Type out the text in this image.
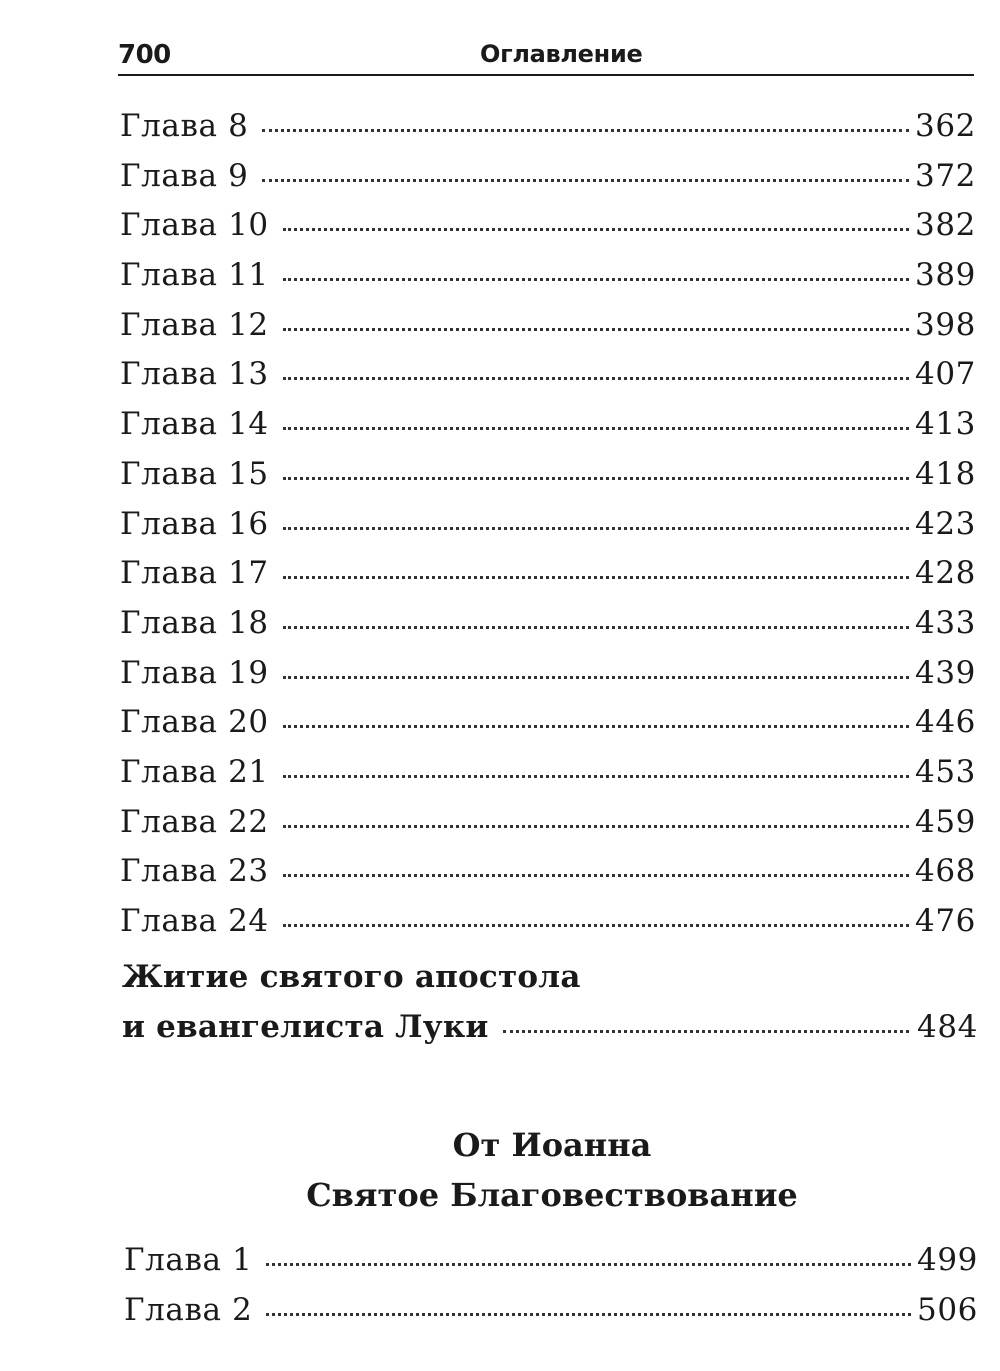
700	Оглавление
Глава 8	362
Глава 9	372
Глава 10	382
Глава 11	389
Глава 12	398
Глава 13	407
Глава 14	413
Глава 15	418
Глава 16	423
Глава 17	428
Глава 18	433
Глава 19	439
Глава 20	446
Глава 21	453
Глава 22	459
Глава 23	468
Глава 24	476
Житие святого апостола
и евангелиста Луки	484
От Иоанна
Святое Благовествование
Глава 1	499
Глава 2	506
